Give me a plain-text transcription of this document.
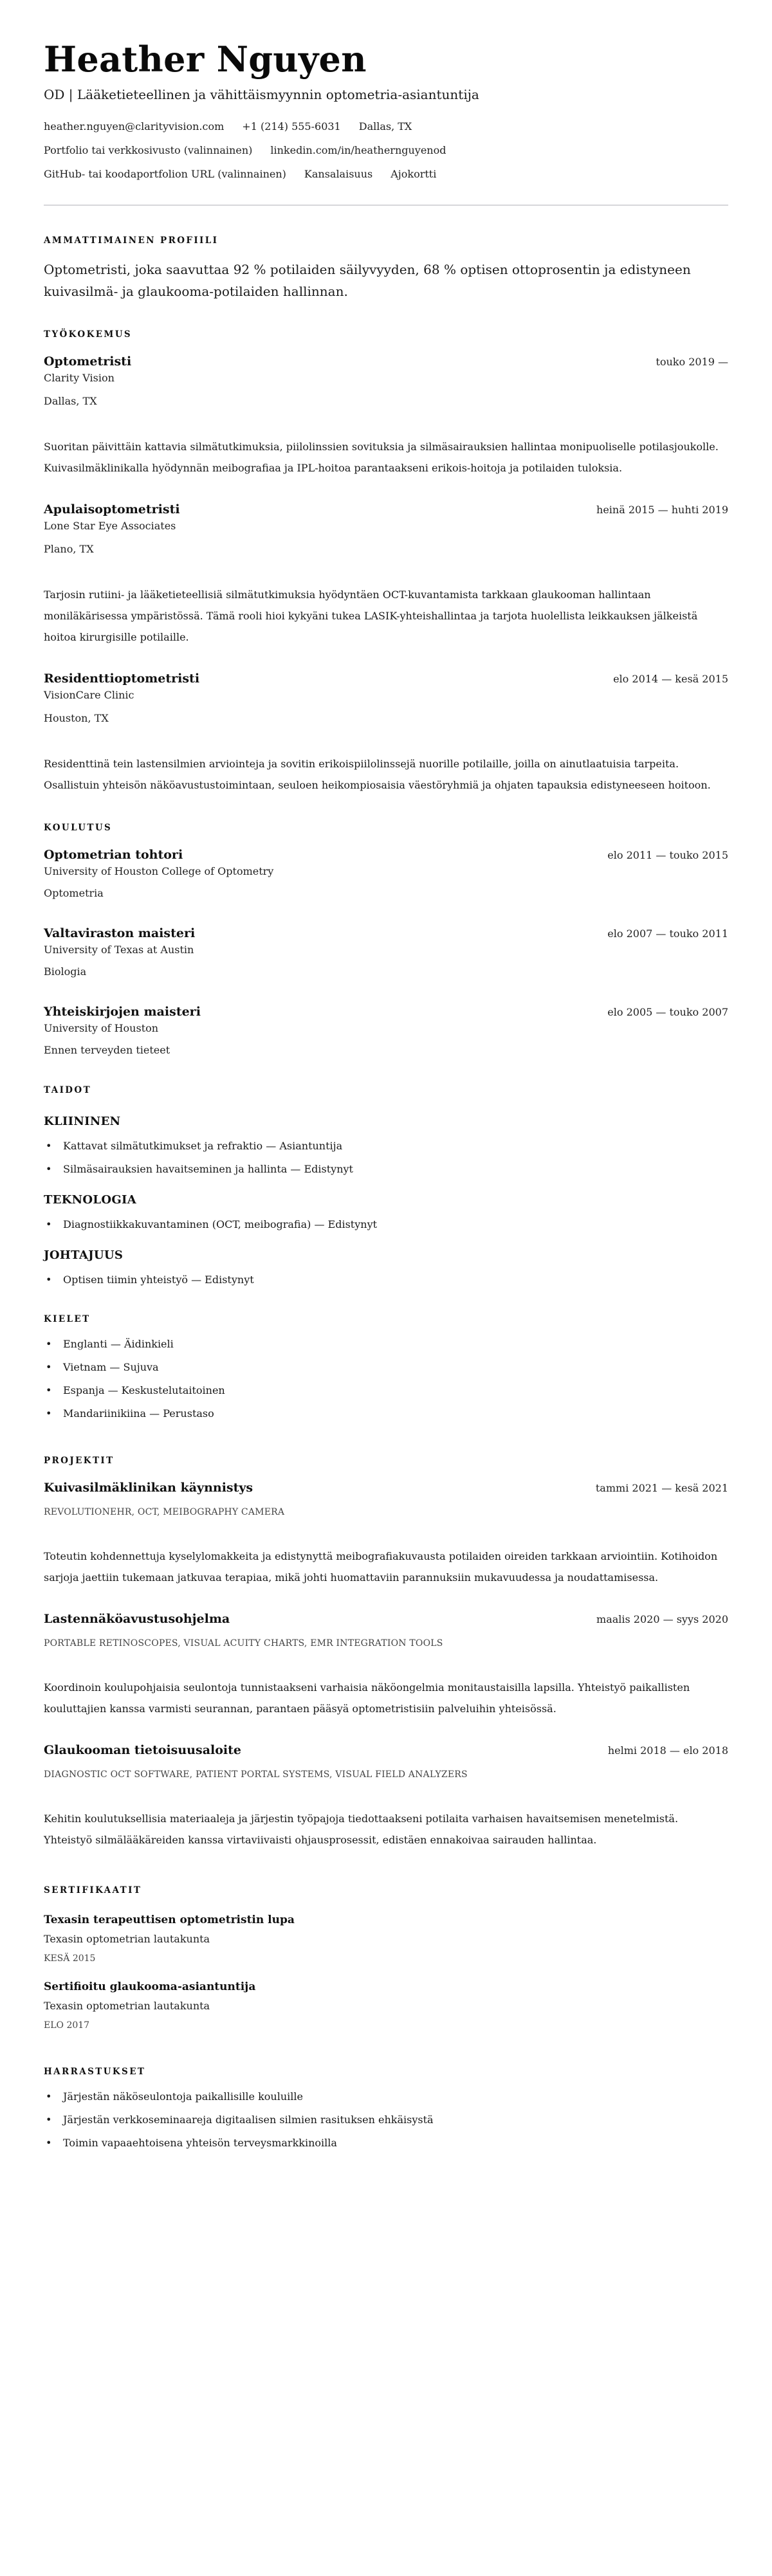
Heather Nguyen
OD | Lääketieteellinen ja vähittäismyynnin optometria-asiantuntija
heather.nguyen@clarityvision.com +1 (214) 555-6031 Dallas, TX
Portfolio tai verkkosivusto (valinnainen) linkedin.com/in/heathernguyenod
GitHub- tai koodaportfolion URL (valinnainen) Kansalaisuus Ajokortti
AMMATTIMAINEN PROFIILI

Optometristi, joka saavuttaa 92 % potilaiden säilyvyyden, 68 % optisen ottoprosentin ja edistyneen kuivasilmä- ja glaukooma-potilaiden hallinnan.

TYÖKOKEMUS
Optometristi	touko 2019 —
Clarity Vision
Dallas, TX

Suoritan päivittäin kattavia silmätutkimuksia, piilolinssien sovituksia ja silmäsairauksien hallintaa monipuoliselle potilasjoukolle. Kuivasilmäklinikalla hyödynnän meibografiaa ja IPL-hoitoa parantaakseni erikois-hoitoja ja potilaiden tuloksia.

Apulaisoptometristi	heinä 2015 — huhti 2019
Lone Star Eye Associates
Plano, TX

Tarjosin rutiini- ja lääketieteellisiä silmätutkimuksia hyödyntäen OCT-kuvantamista tarkkaan glaukooman hallintaan moniläkärisessa ympäristössä. Tämä rooli hioi kykyäni tukea LASIK-yhteishallintaa ja tarjota huolellista leikkauksen jälkeistä hoitoa kirurgisille potilaille.

Residenttioptometristi	elo 2014 — kesä 2015
VisionCare Clinic
Houston, TX

Residenttinä tein lastensilmien arviointeja ja sovitin erikoispiilolinssejä nuorille potilaille, joilla on ainutlaatuisia tarpeita. Osallistuin yhteisön näköavustustoimintaan, seuloen heikompiosaisia väestöryhmiä ja ohjaten tapauksia edistyneeseen hoitoon.

KOULUTUS
Optometrian tohtori	elo 2011 — touko 2015
University of Houston College of Optometry
Optometria
Valtaviraston maisteri	elo 2007 — touko 2011
University of Texas at Austin
Biologia
Yhteiskirjojen maisteri	elo 2005 — touko 2007
University of Houston
Ennen terveyden tieteet
TAIDOT
KLIININEN
• Kattavat silmätutkimukset ja refraktio — Asiantuntija
• Silmäsairauksien havaitseminen ja hallinta — Edistynyt
TEKNOLOGIA
• Diagnostiikkakuvantaminen (OCT, meibografia) — Edistynyt
JOHTAJUUS
• Optisen tiimin yhteistyö — Edistynyt
KIELET
• Englanti — Äidinkieli
• Vietnam — Sujuva
• Espanja — Keskustelutaitoinen
• Mandariinikiina — Perustaso
PROJEKTIT
Kuivasilmäklinikan käynnistys	tammi 2021 — kesä 2021
REVOLUTIONEHR, OCT, MEIBOGRAPHY CAMERA

Toteutin kohdennettuja kyselylomakkeita ja edistynyttä meibografiakuvausta potilaiden oireiden tarkkaan arviointiin. Kotihoidon sarjoja jaettiin tukemaan jatkuvaa terapiaa, mikä johti huomattaviin parannuksiin mukavuudessa ja noudattamisessa.

Lastennäköavustusohjelma	maalis 2020 — syys 2020
PORTABLE RETINOSCOPES, VISUAL ACUITY CHARTS, EMR INTEGRATION TOOLS

Koordinoin koulupohjaisia seulontoja tunnistaakseni varhaisia näköongelmia monitaustaisilla lapsilla. Yhteistyö paikallisten kouluttajien kanssa varmisti seurannan, parantaen pääsyä optometristisiin palveluihin yhteisössä.

Glaukooman tietoisuusaloite	helmi 2018 — elo 2018
DIAGNOSTIC OCT SOFTWARE, PATIENT PORTAL SYSTEMS, VISUAL FIELD ANALYZERS

Kehitin koulutuksellisia materiaaleja ja järjestin työpajoja tiedottaakseni potilaita varhaisen havaitsemisen menetelmistä. Yhteistyö silmälääkäreiden kanssa virtaviivaisti ohjausprosessit, edistäen ennakoivaa sairauden hallintaa.

SERTIFIKAATIT
Texasin terapeuttisen optometristin lupa
Texasin optometrian lautakunta
KESÄ 2015
Sertifioitu glaukooma-asiantuntija
Texasin optometrian lautakunta
ELO 2017
HARRASTUKSET
• Järjestän näköseulontoja paikallisille kouluille
• Järjestän verkkoseminaareja digitaalisen silmien rasituksen ehkäisystä
• Toimin vapaaehtoisena yhteisön terveysmarkkinoilla
